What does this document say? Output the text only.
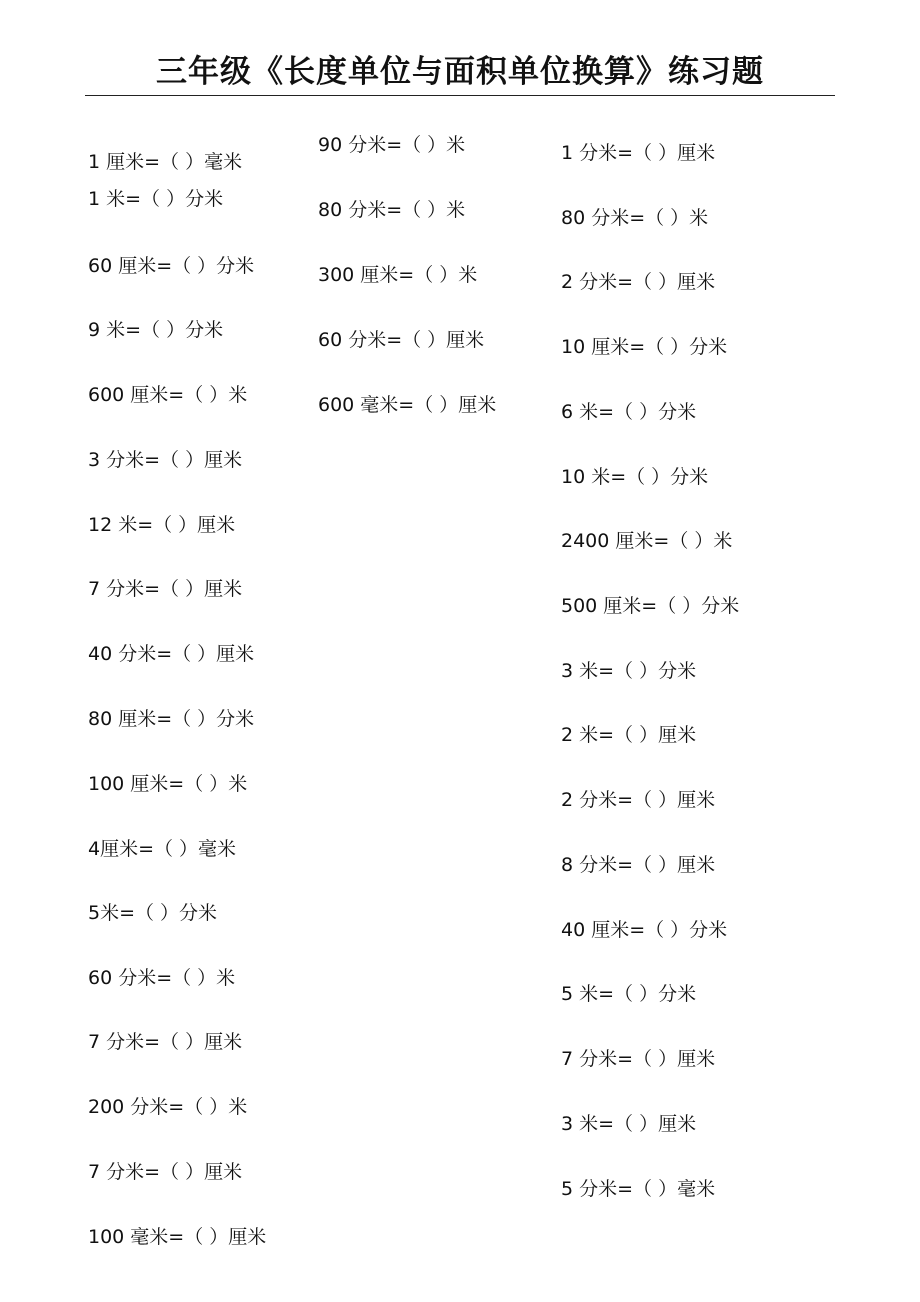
三年级《长度单位与面积单位换算》练习题
1 厘米=（ ）毫米
1 米=（ ）分米
60 厘米=（ ）分米
9 米=（ ）分米
600 厘米=（ ）米
3 分米=（ ）厘米
12 米=（ ）厘米
7 分米=（ ）厘米
40 分米=（ ）厘米
80 厘米=（ ）分米
100 厘米=（ ）米
4厘米=（ ）毫米
5米=（ ）分米
60 分米=（ ）米
7 分米=（ ）厘米
200 分米=（ ）米
7 分米=（ ）厘米
100 毫米=（ ）厘米
90 分米=（ ）米
80 分米=（ ）米
300 厘米=（ ）米
60 分米=（ ）厘米
600 毫米=（ ）厘米
1 分米=（ ）厘米
80 分米=（ ）米
2 分米=（ ）厘米
10 厘米=（ ）分米
6 米=（ ）分米
10 米=（ ）分米
2400 厘米=（ ）米
500 厘米=（ ）分米
3 米=（ ）分米
2 米=（ ）厘米
2 分米=（ ）厘米
8 分米=（ ）厘米
40 厘米=（ ）分米
5 米=（ ）分米
7 分米=（ ）厘米
3 米=（ ）厘米
5 分米=（ ）毫米
